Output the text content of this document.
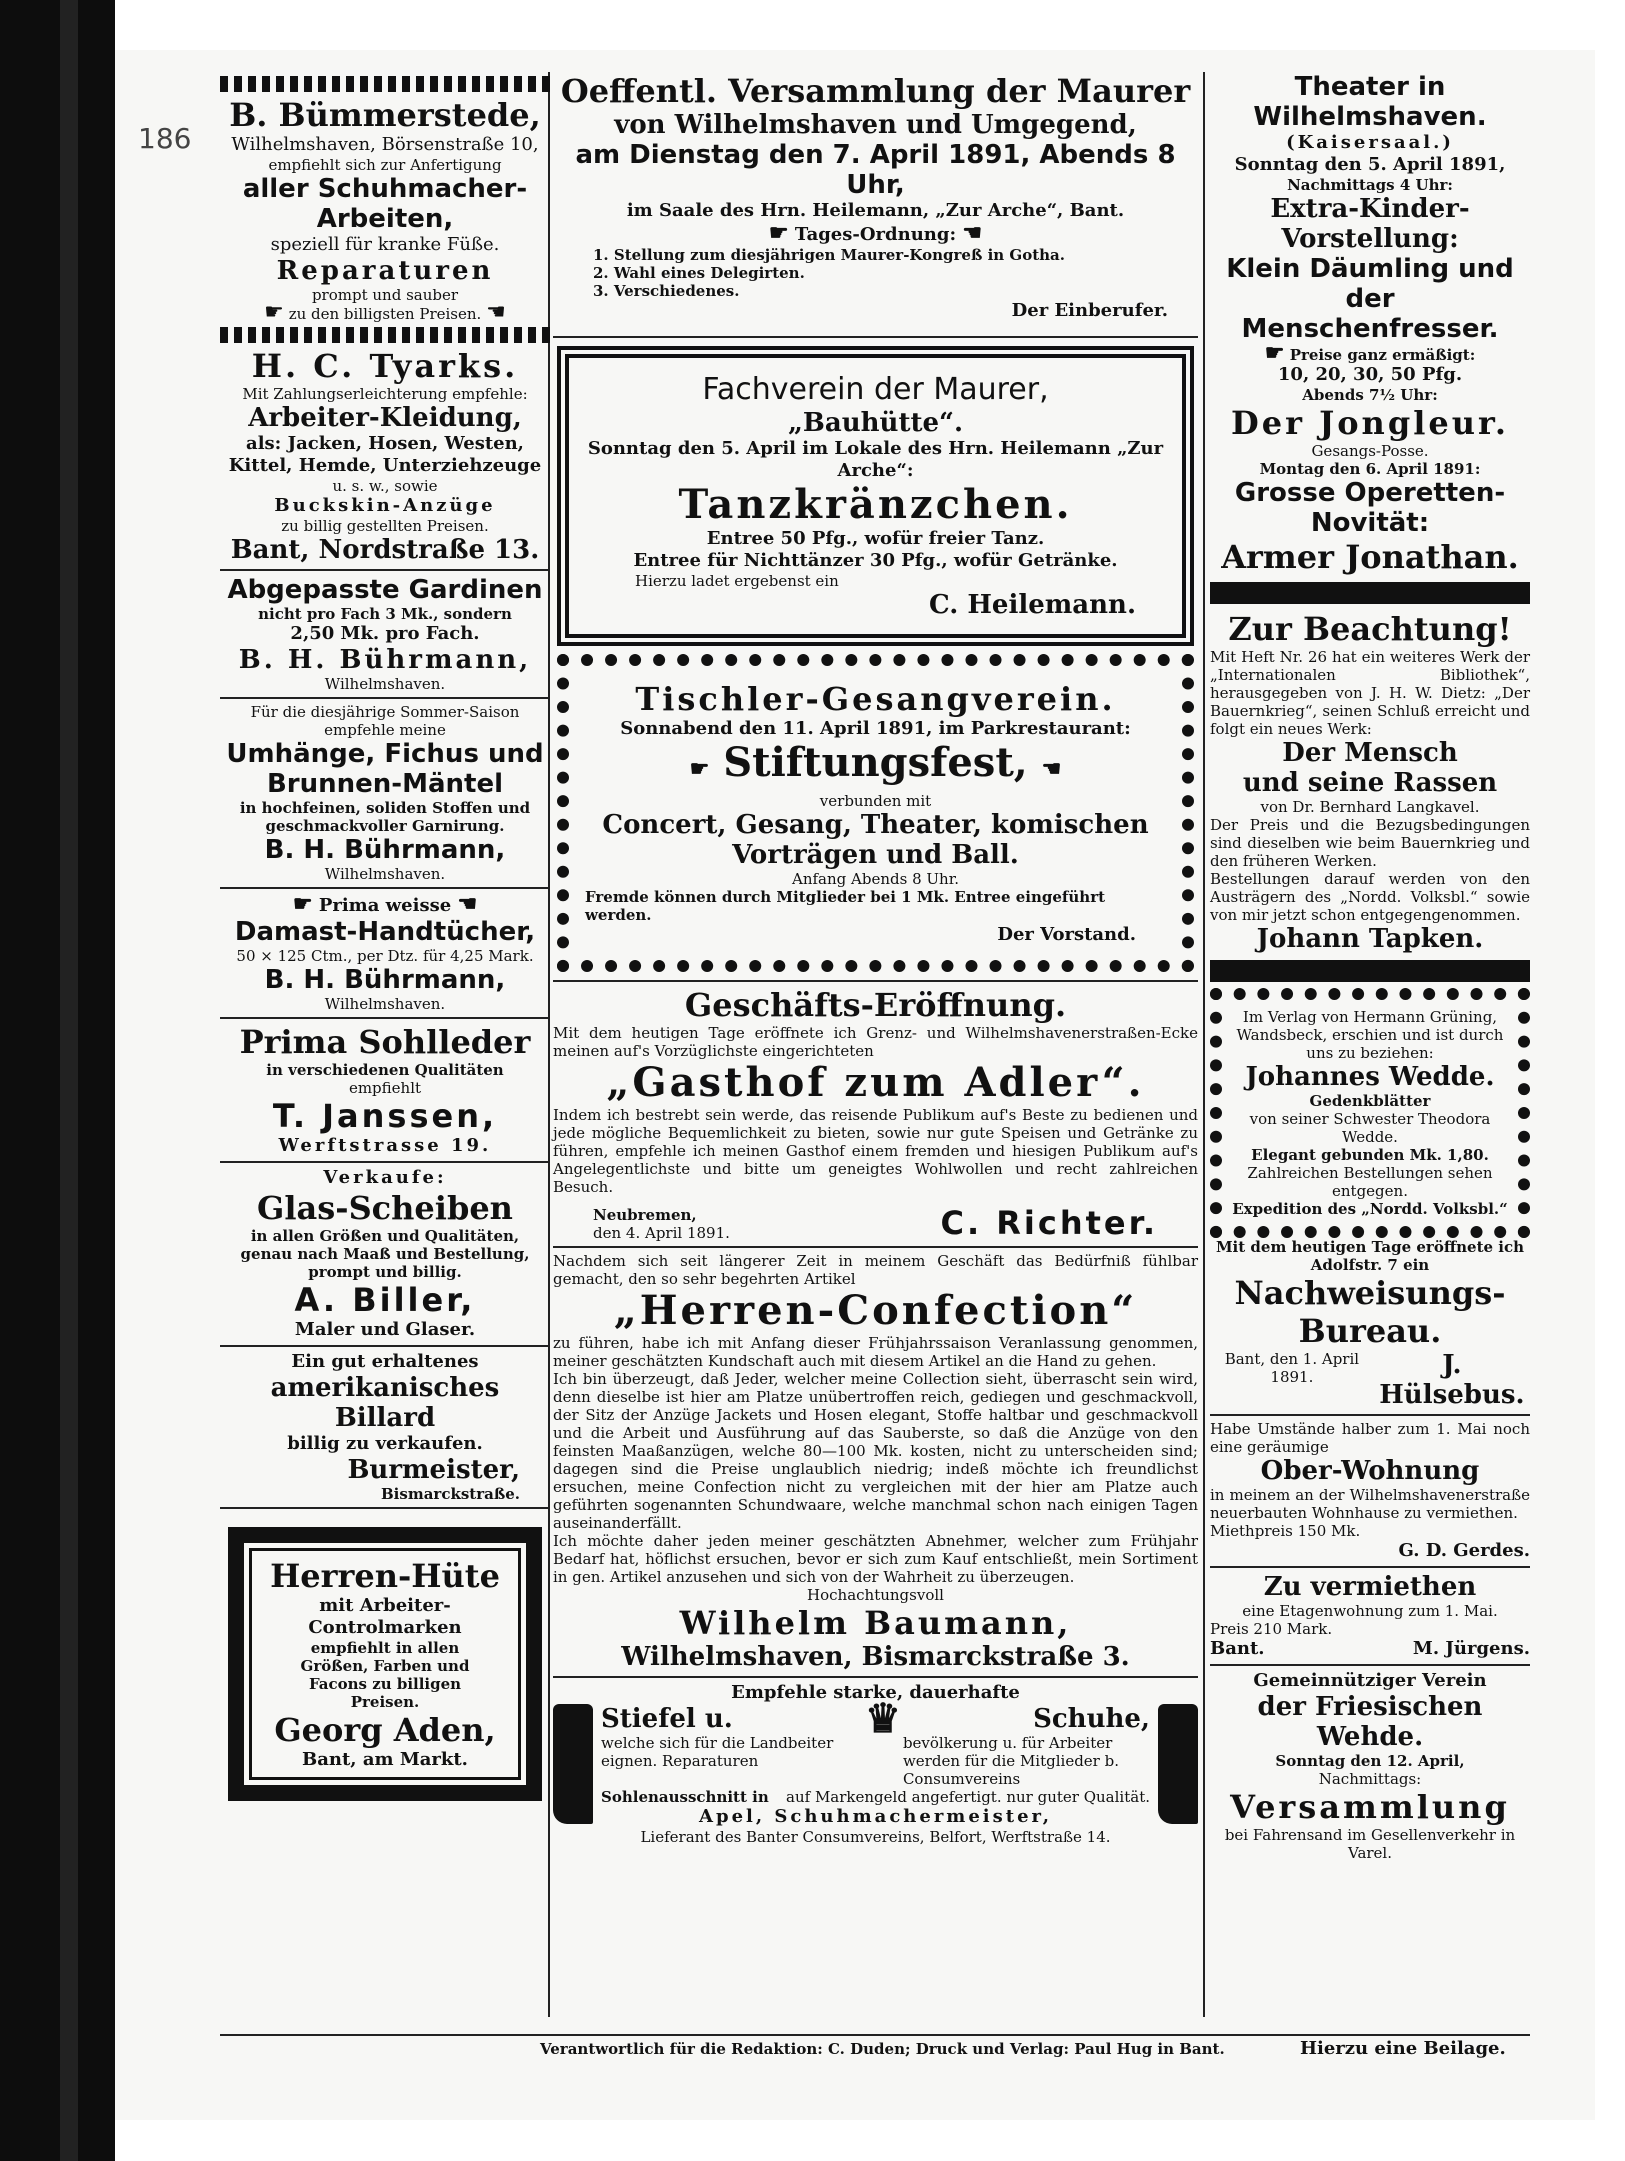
186
B. Bümmerstede,
Wilhelmshaven, Börsenstraße 10,
empfiehlt sich zur Anfertigung
aller Schuhmacher-Arbeiten,
speziell für kranke Füße.
Reparaturen
prompt und sauber
☛ zu den billigsten Preisen. ☚
H. C. Tyarks.
Mit Zahlungserleichterung empfehle:
Arbeiter-Kleidung,
als: Jacken, Hosen, Westen,
Kittel, Hemde, Unterziehzeuge
u. s. w., sowie
Buckskin-Anzüge
zu billig gestellten Preisen.
Bant, Nordstraße 13.
Abgepasste Gardinen
nicht pro Fach 3 Mk., sondern
2,50 Mk. pro Fach.
B. H. Bührmann,
Wilhelmshaven.
Für die diesjährige Sommer-Saison
empfehle meine
Umhänge, Fichus und
Brunnen-Mäntel
in hochfeinen, soliden Stoffen und
geschmackvoller Garnirung.
B. H. Bührmann,
Wilhelmshaven.
☛ Prima weisse ☚
Damast-Handtücher,
50 × 125 Ctm., per Dtz. für 4,25 Mark.
B. H. Bührmann,
Wilhelmshaven.
Prima Sohlleder
in verschiedenen Qualitäten
empfiehlt
T. Janssen,
Werftstrasse 19.
Verkaufe:
Glas-Scheiben
in allen Größen und Qualitäten,
genau nach Maaß und Bestellung,
prompt und billig.
A. Biller,
Maler und Glaser.
Ein gut erhaltenes
amerikanisches Billard
billig zu verkaufen.
Burmeister,
Bismarckstraße.
Herren-Hüte
mit Arbeiter-
Controlmarken
empfiehlt in allen
Größen, Farben und
Facons zu billigen
Preisen.
Georg Aden,
Bant, am Markt.
Oeffentl. Versammlung der Maurer
von Wilhelmshaven und Umgegend,
am Dienstag den 7. April 1891, Abends 8 Uhr,
im Saale des Hrn. Heilemann, „Zur Arche“, Bant.
☛ Tages-Ordnung: ☚
1. Stellung zum diesjährigen Maurer-Kongreß in Gotha.
2. Wahl eines Delegirten.
3. Verschiedenes.
Der Einberufer.
Fachverein der Maurer,
„Bauhütte“.
Sonntag den 5. April im Lokale des Hrn. Heilemann „Zur Arche“:
Tanzkränzchen.
Entree 50 Pfg., wofür freier Tanz.
Entree für Nichttänzer 30 Pfg., wofür Getränke.
Hierzu ladet ergebenst ein
C. Heilemann.
Tischler-Gesangverein.
Sonnabend den 11. April 1891, im Parkrestaurant:
☛ Stiftungsfest, ☚
verbunden mit
Concert, Gesang, Theater, komischen
Vorträgen und Ball.
Anfang Abends 8 Uhr.
Fremde können durch Mitglieder bei 1 Mk. Entree eingeführt werden.
Der Vorstand.
Geschäfts-Eröffnung.
Mit dem heutigen Tage eröffnete ich Grenz- und Wilhelmshavenerstraßen-Ecke meinen auf's Vorzüglichste eingerichteten
„Gasthof zum Adler“.
Indem ich bestrebt sein werde, das reisende Publikum auf's Beste zu bedienen und jede mögliche Bequemlichkeit zu bieten, sowie nur gute Speisen und Getränke zu führen, empfehle ich meinen Gasthof einem fremden und hiesigen Publikum auf's Angelegentlichste und bitte um geneigtes Wohlwollen und recht zahlreichen Besuch.
Neubremen,
den 4. April 1891.	C. Richter.
Nachdem sich seit längerer Zeit in meinem Geschäft das Bedürfniß fühlbar gemacht, den so sehr begehrten Artikel
„Herren-Confection“
zu führen, habe ich mit Anfang dieser Frühjahrssaison Veranlassung genommen, meiner geschätzten Kundschaft auch mit diesem Artikel an die Hand zu gehen.
Ich bin überzeugt, daß Jeder, welcher meine Collection sieht, überrascht sein wird, denn dieselbe ist hier am Platze unübertroffen reich, gediegen und geschmackvoll, der Sitz der Anzüge Jackets und Hosen elegant, Stoffe haltbar und geschmackvoll und die Arbeit und Ausführung auf das Sauberste, so daß die Anzüge von den feinsten Maaßanzügen, welche 80—100 Mk. kosten, nicht zu unterscheiden sind; dagegen sind die Preise unglaublich niedrig; indeß möchte ich freundlichst ersuchen, meine Confection nicht zu vergleichen mit der hier am Platze auch geführten sogenannten Schundwaare, welche manchmal schon nach einigen Tagen auseinanderfällt.
Ich möchte daher jeden meiner geschätzten Abnehmer, welcher zum Frühjahr Bedarf hat, höflichst ersuchen, bevor er sich zum Kauf entschließt, mein Sortiment in gen. Artikel anzusehen und sich von der Wahrheit zu überzeugen.
Hochachtungsvoll
Wilhelm Baumann,
Wilhelmshaven, Bismarckstraße 3.
Empfehle starke, dauerhafte
Stiefel u.	♛	Schuhe,
welche sich für die Landbeiter eignen. Reparaturen
bevölkerung u. für Arbeiter werden für die Mitglieder b. Consumvereins
Sohlenausschnitt in auf Markengeld angefertigt. nur guter Qualität.
Apel, Schuhmachermeister,
Lieferant des Banter Consumvereins, Belfort, Werftstraße 14.
Theater in Wilhelmshaven.
(Kaisersaal.)
Sonntag den 5. April 1891,
Nachmittags 4 Uhr:
Extra-Kinder-Vorstellung:
Klein Däumling und der
Menschenfresser.
☛ Preise ganz ermäßigt:
10, 20, 30, 50 Pfg.
Abends 7½ Uhr:
Der Jongleur.
Gesangs-Posse.
Montag den 6. April 1891:
Grosse Operetten-Novität:
Armer Jonathan.
Zur Beachtung!
Mit Heft Nr. 26 hat ein weiteres Werk der „Internationalen Bibliothek“, herausgegeben von J. H. W. Dietz: „Der Bauernkrieg“, seinen Schluß erreicht und folgt ein neues Werk:
Der Mensch
und seine Rassen
von Dr. Bernhard Langkavel.
Der Preis und die Bezugsbedingungen sind dieselben wie beim Bauernkrieg und den früheren Werken.
Bestellungen darauf werden von den Austrägern des „Nordd. Volksbl.“ sowie von mir jetzt schon entgegengenommen.
Johann Tapken.
Im Verlag von Hermann Grüning, Wandsbeck, erschien und ist durch uns zu beziehen:
Johannes Wedde.
Gedenkblätter
von seiner Schwester Theodora Wedde.
Elegant gebunden Mk. 1,80.
Zahlreichen Bestellungen sehen entgegen.
Expedition des „Nordd. Volksbl.“
Mit dem heutigen Tage eröffnete ich Adolfstr. 7 ein
Nachweisungs-
Bureau.
Bant, den 1. April 1891.	J. Hülsebus.
Habe Umstände halber zum 1. Mai noch eine geräumige
Ober-Wohnung
in meinem an der Wilhelmshavenerstraße neuerbauten Wohnhause zu vermiethen.
Miethpreis 150 Mk.
G. D. Gerdes.
Zu vermiethen
eine Etagenwohnung zum 1. Mai.
Preis 210 Mark.
Bant.	M. Jürgens.
Gemeinnütziger Verein
der Friesischen Wehde.
Sonntag den 12. April,
Nachmittags:
Versammlung
bei Fahrensand im Gesellenverkehr in Varel.
Verantwortlich für die Redaktion: C. Duden; Druck und Verlag: Paul Hug in Bant.	Hierzu eine Beilage.
